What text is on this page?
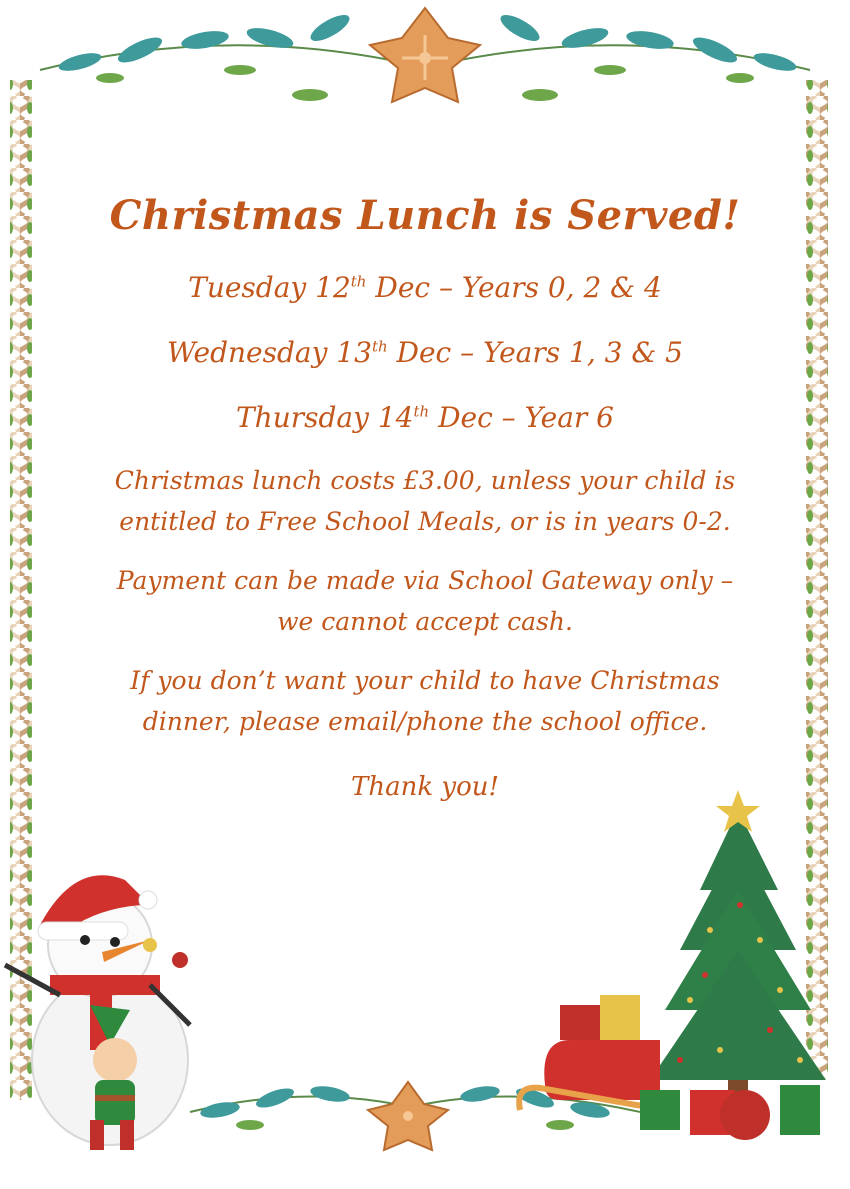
Christmas Lunch is Served!

Tuesday 12th Dec – Years 0, 2 & 4

Wednesday 13th Dec – Years 1, 3 & 5

Thursday 14th Dec – Year 6

Christmas lunch costs £3.00, unless your child is

entitled to Free School Meals, or is in years 0-2.

Payment can be made via School Gateway only –

we cannot accept cash.

If you don’t want your child to have Christmas

dinner, please email/phone the school office.

Thank you!
